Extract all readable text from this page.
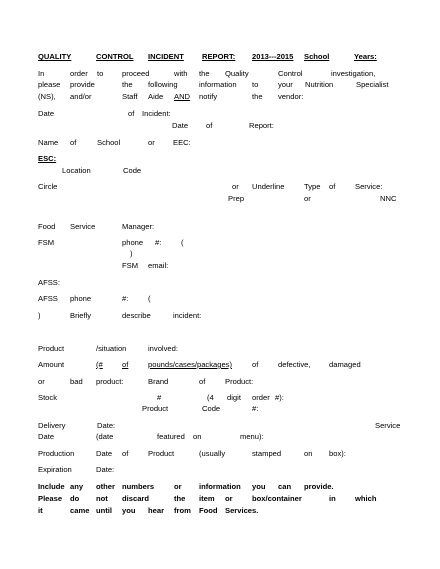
QUALITY	CONTROL INCIDENT REPORT: 2013---2015 School	Years:
In	order to proceed	with the Quality	Control	investigation,
please provide	the following	information to	your Nutrition	Specialist
(NS), and/or	Staff Aide AND notify	the vendor:
Date	of Incident:
Date of	Report:
Name of	School	or EEC:
ESC:
Location	Code
Circle	or Underline	Type of	Service:
Prep	or	NNC
Food Service	Manager:
FSM	phone #:	(
)
FSM email:
AFSS:
AFSS phone	#:	(
)	Briefly	describe	incident:
Product	/situation	involved:
Amount	(#	of	pounds/cases/packages)	of	defective, damaged
or	bad product:	Brand	of	Product:
Stock	#	(4 digit order #):
Product	Code	#:
Delivery	Date:	Service
Date	(date	featured on	menu):
Production	Date of	Product	(usually	stamped	on box):
Expiration	Date:
Include any other numbers	or information you can provide.
Please do not discard	the item or	box/container	in	which
it	came until you hear from Food Services.
